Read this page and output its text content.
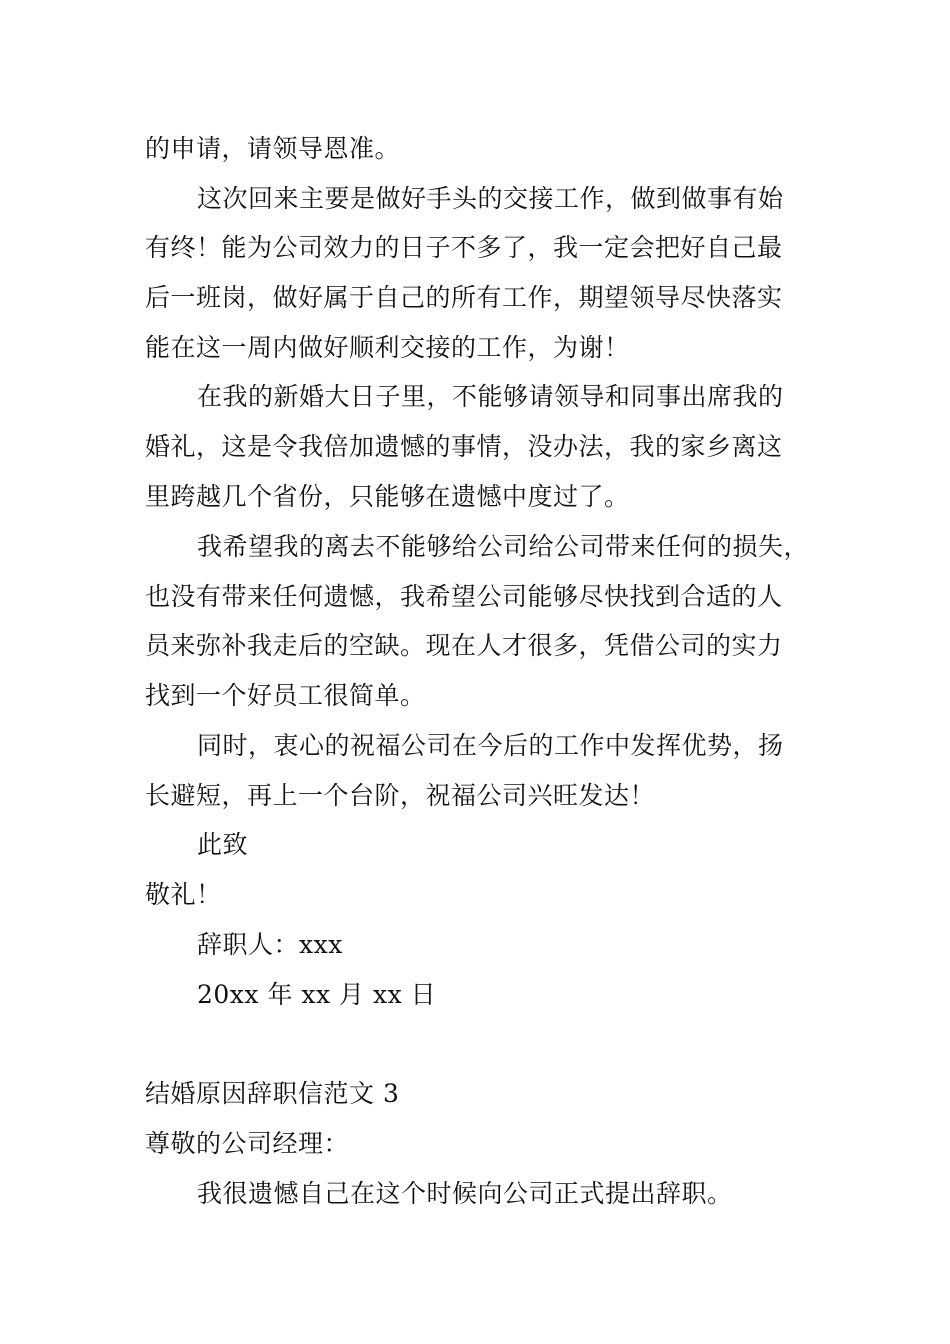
的申请，请领导恩准。
这次回来主要是做好手头的交接工作，做到做事有始
有终！能为公司效力的日子不多了，我一定会把好自己最
后一班岗，做好属于自己的所有工作，期望领导尽快落实
能在这一周内做好顺利交接的工作，为谢！
在我的新婚大日子里，不能够请领导和同事出席我的
婚礼，这是令我倍加遗憾的事情，没办法，我的家乡离这
里跨越几个省份，只能够在遗憾中度过了。
我希望我的离去不能够给公司给公司带来任何的损失，
也没有带来任何遗憾，我希望公司能够尽快找到合适的人
员来弥补我走后的空缺。现在人才很多，凭借公司的实力
找到一个好员工很简单。
同时，衷心的祝福公司在今后的工作中发挥优势，扬
长避短，再上一个台阶，祝福公司兴旺发达！
此致
敬礼！
辞职人：xxx
20xx 年 xx 月 xx 日
结婚原因辞职信范文 3
尊敬的公司经理：
我很遗憾自己在这个时候向公司正式提出辞职。
